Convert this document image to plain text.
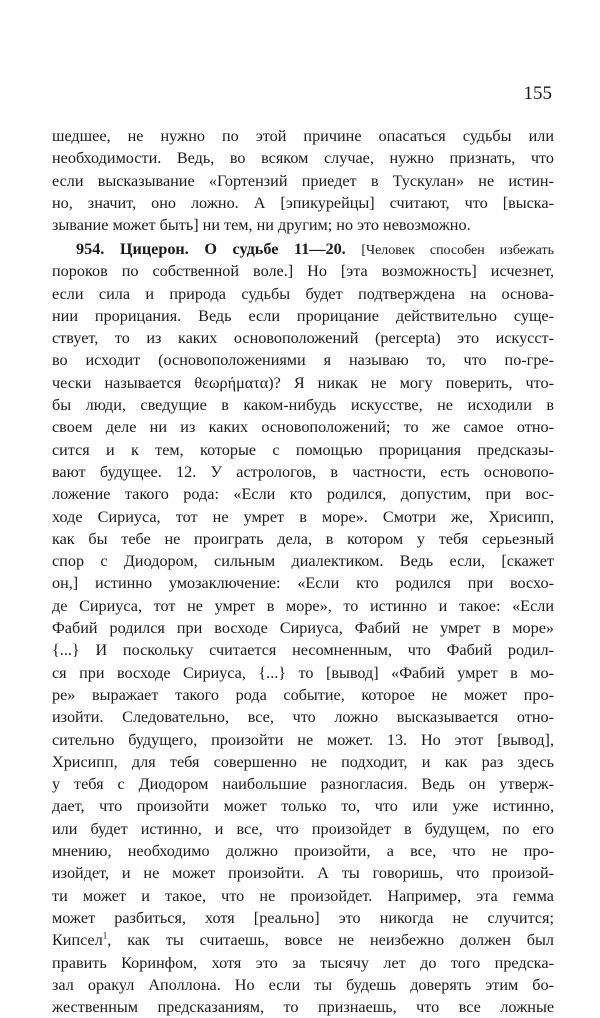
155
шедшее, не нужно по этой причине опасаться судьбы или
необходимости. Ведь, во всяком случае, нужно признать, что
если высказывание «Гортензий приедет в Тускулан» не истин-
но, значит, оно ложно. А [эпикурейцы] считают, что [выска-
зывание может быть] ни тем, ни другим; но это невозможно.
954. Цицерон. О судьбе 11—20. [Человек способен избежать
пороков по собственной воле.] Но [эта возможность] исчезнет,
если сила и природа судьбы будет подтверждена на основа-
нии прорицания. Ведь если прорицание действительно суще-
ствует, то из каких основоположений (percepta) это искусст-
во исходит (основоположениями я называю то, что по-гре-
чески называется θεωρήματα)? Я никак не могу поверить, что-
бы люди, сведущие в каком-нибудь искусстве, не исходили в
своем деле ни из каких основоположений; то же самое отно-
сится и к тем, которые с помощью прорицания предсказы-
вают будущее. 12. У астрологов, в частности, есть основопо-
ложение такого рода: «Если кто родился, допустим, при вос-
ходе Сириуса, тот не умрет в море». Смотри же, Хрисипп,
как бы тебе не проиграть дела, в котором у тебя серьезный
спор с Диодором, сильным диалектиком. Ведь если, [скажет
он,] истинно умозаключение: «Если кто родился при восхо-
де Сириуса, тот не умрет в море», то истинно и такое: «Если
Фабий родился при восходе Сириуса, Фабий не умрет в море»
{...} И поскольку считается несомненным, что Фабий родил-
ся при восходе Сириуса, {...} то [вывод] «Фабий умрет в мо-
ре» выражает такого рода событие, которое не может про-
изойти. Следовательно, все, что ложно высказывается отно-
сительно будущего, произойти не может. 13. Но этот [вывод],
Хрисипп, для тебя совершенно не подходит, и как раз здесь
у тебя с Диодором наибольшие разногласия. Ведь он утверж-
дает, что произойти может только то, что или уже истинно,
или будет истинно, и все, что произойдет в будущем, по его
мнению, необходимо должно произойти, а все, что не про-
изойдет, и не может произойти. А ты говоришь, что произой-
ти может и такое, что не произойдет. Например, эта гемма
может разбиться, хотя [реально] это никогда не случится;
Кипсел$^1$, как ты считаешь, вовсе не неизбежно должен был
править Коринфом, хотя это за тысячу лет до того предска-
зал оракул Аполлона. Но если ты будешь доверять этим бо-
жественным предсказаниям, то признаешь, что все ложные
